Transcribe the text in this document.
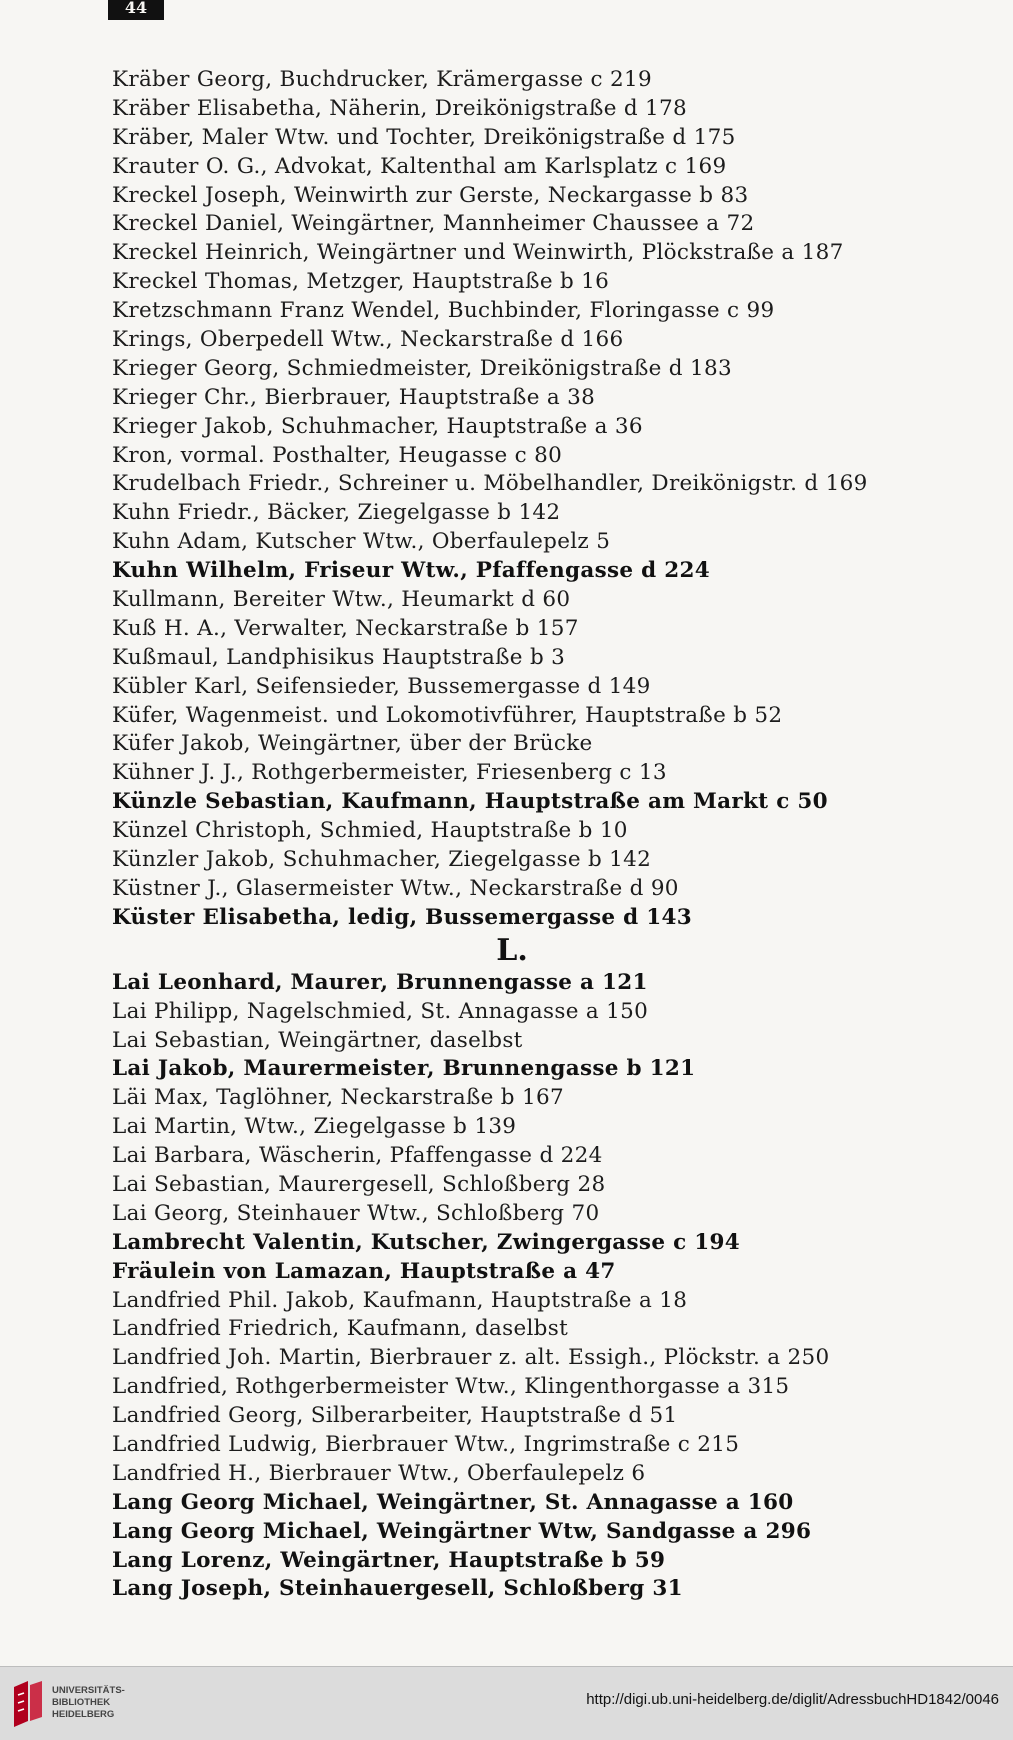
44
Kräber Georg, Buchdrucker, Krämergasse c 219
Kräber Elisabetha, Näherin, Dreikönigstraße d 178
Kräber, Maler Wtw. und Tochter, Dreikönigstraße d 175
Krauter O. G., Advokat, Kaltenthal am Karlsplatz c 169
Kreckel Joseph, Weinwirth zur Gerste, Neckargasse b 83
Kreckel Daniel, Weingärtner, Mannheimer Chaussee a 72
Kreckel Heinrich, Weingärtner und Weinwirth, Plöckstraße a 187
Kreckel Thomas, Metzger, Hauptstraße b 16
Kretzschmann Franz Wendel, Buchbinder, Floringasse c 99
Krings, Oberpedell Wtw., Neckarstraße d 166
Krieger Georg, Schmiedmeister, Dreikönigstraße d 183
Krieger Chr., Bierbrauer, Hauptstraße a 38
Krieger Jakob, Schuhmacher, Hauptstraße a 36
Kron, vormal. Posthalter, Heugasse c 80
Krudelbach Friedr., Schreiner u. Möbelhandler, Dreikönigstr. d 169
Kuhn Friedr., Bäcker, Ziegelgasse b 142
Kuhn Adam, Kutscher Wtw., Oberfaulepelz 5
Kuhn Wilhelm, Friseur Wtw., Pfaffengasse d 224
Kullmann, Bereiter Wtw., Heumarkt d 60
Kuß H. A., Verwalter, Neckarstraße b 157
Kußmaul, Landphisikus Hauptstraße b 3
Kübler Karl, Seifensieder, Bussemergasse d 149
Küfer, Wagenmeist. und Lokomotivführer, Hauptstraße b 52
Küfer Jakob, Weingärtner, über der Brücke
Kühner J. J., Rothgerbermeister, Friesenberg c 13
Künzle Sebastian, Kaufmann, Hauptstraße am Markt c 50
Künzel Christoph, Schmied, Hauptstraße b 10
Künzler Jakob, Schuhmacher, Ziegelgasse b 142
Küstner J., Glasermeister Wtw., Neckarstraße d 90
Küster Elisabetha, ledig, Bussemergasse d 143
L.
Lai Leonhard, Maurer, Brunnengasse a 121
Lai Philipp, Nagelschmied, St. Annagasse a 150
Lai Sebastian, Weingärtner, daselbst
Lai Jakob, Maurermeister, Brunnengasse b 121
Läi Max, Taglöhner, Neckarstraße b 167
Lai Martin, Wtw., Ziegelgasse b 139
Lai Barbara, Wäscherin, Pfaffengasse d 224
Lai Sebastian, Maurergesell, Schloßberg 28
Lai Georg, Steinhauer Wtw., Schloßberg 70
Lambrecht Valentin, Kutscher, Zwingergasse c 194
Fräulein von Lamazan, Hauptstraße a 47
Landfried Phil. Jakob, Kaufmann, Hauptstraße a 18
Landfried Friedrich, Kaufmann, daselbst
Landfried Joh. Martin, Bierbrauer z. alt. Essigh., Plöckstr. a 250
Landfried, Rothgerbermeister Wtw., Klingenthorgasse a 315
Landfried Georg, Silberarbeiter, Hauptstraße d 51
Landfried Ludwig, Bierbrauer Wtw., Ingrimstraße c 215
Landfried H., Bierbrauer Wtw., Oberfaulepelz 6
Lang Georg Michael, Weingärtner, St. Annagasse a 160
Lang Georg Michael, Weingärtner Wtw, Sandgasse a 296
Lang Lorenz, Weingärtner, Hauptstraße b 59
Lang Joseph, Steinhauergesell, Schloßberg 31
UNIVERSITÄTS-
BIBLIOTHEK
HEIDELBERG
http://digi.ub.uni-heidelberg.de/diglit/AdressbuchHD1842/0046
